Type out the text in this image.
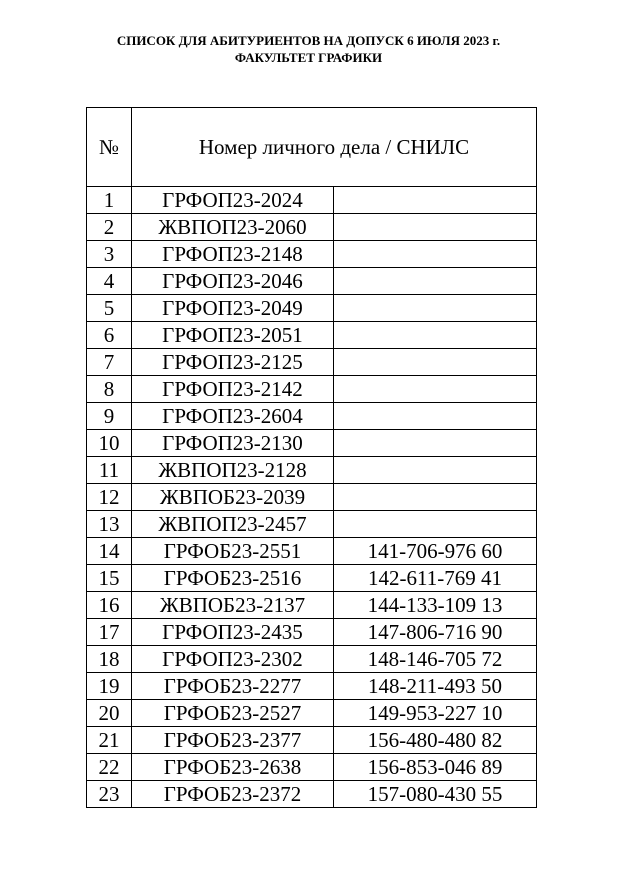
СПИСОК ДЛЯ АБИТУРИЕНТОВ НА ДОПУСК 6 ИЮЛЯ 2023 г.
ФАКУЛЬТЕТ ГРАФИКИ
№	Номер личного дела / СНИЛС	
1	ГРФОП23-2024	
2	ЖВПОП23-2060	
3	ГРФОП23-2148	
4	ГРФОП23-2046	
5	ГРФОП23-2049	
6	ГРФОП23-2051	
7	ГРФОП23-2125	
8	ГРФОП23-2142	
9	ГРФОП23-2604	
10	ГРФОП23-2130	
11	ЖВПОП23-2128	
12	ЖВПОБ23-2039	
13	ЖВПОП23-2457	
14	ГРФОБ23-2551	141-706-976 60
15	ГРФОБ23-2516	142-611-769 41
16	ЖВПОБ23-2137	144-133-109 13
17	ГРФОП23-2435	147-806-716 90
18	ГРФОП23-2302	148-146-705 72
19	ГРФОБ23-2277	148-211-493 50
20	ГРФОБ23-2527	149-953-227 10
21	ГРФОБ23-2377	156-480-480 82
22	ГРФОБ23-2638	156-853-046 89
23	ГРФОБ23-2372	157-080-430 55
